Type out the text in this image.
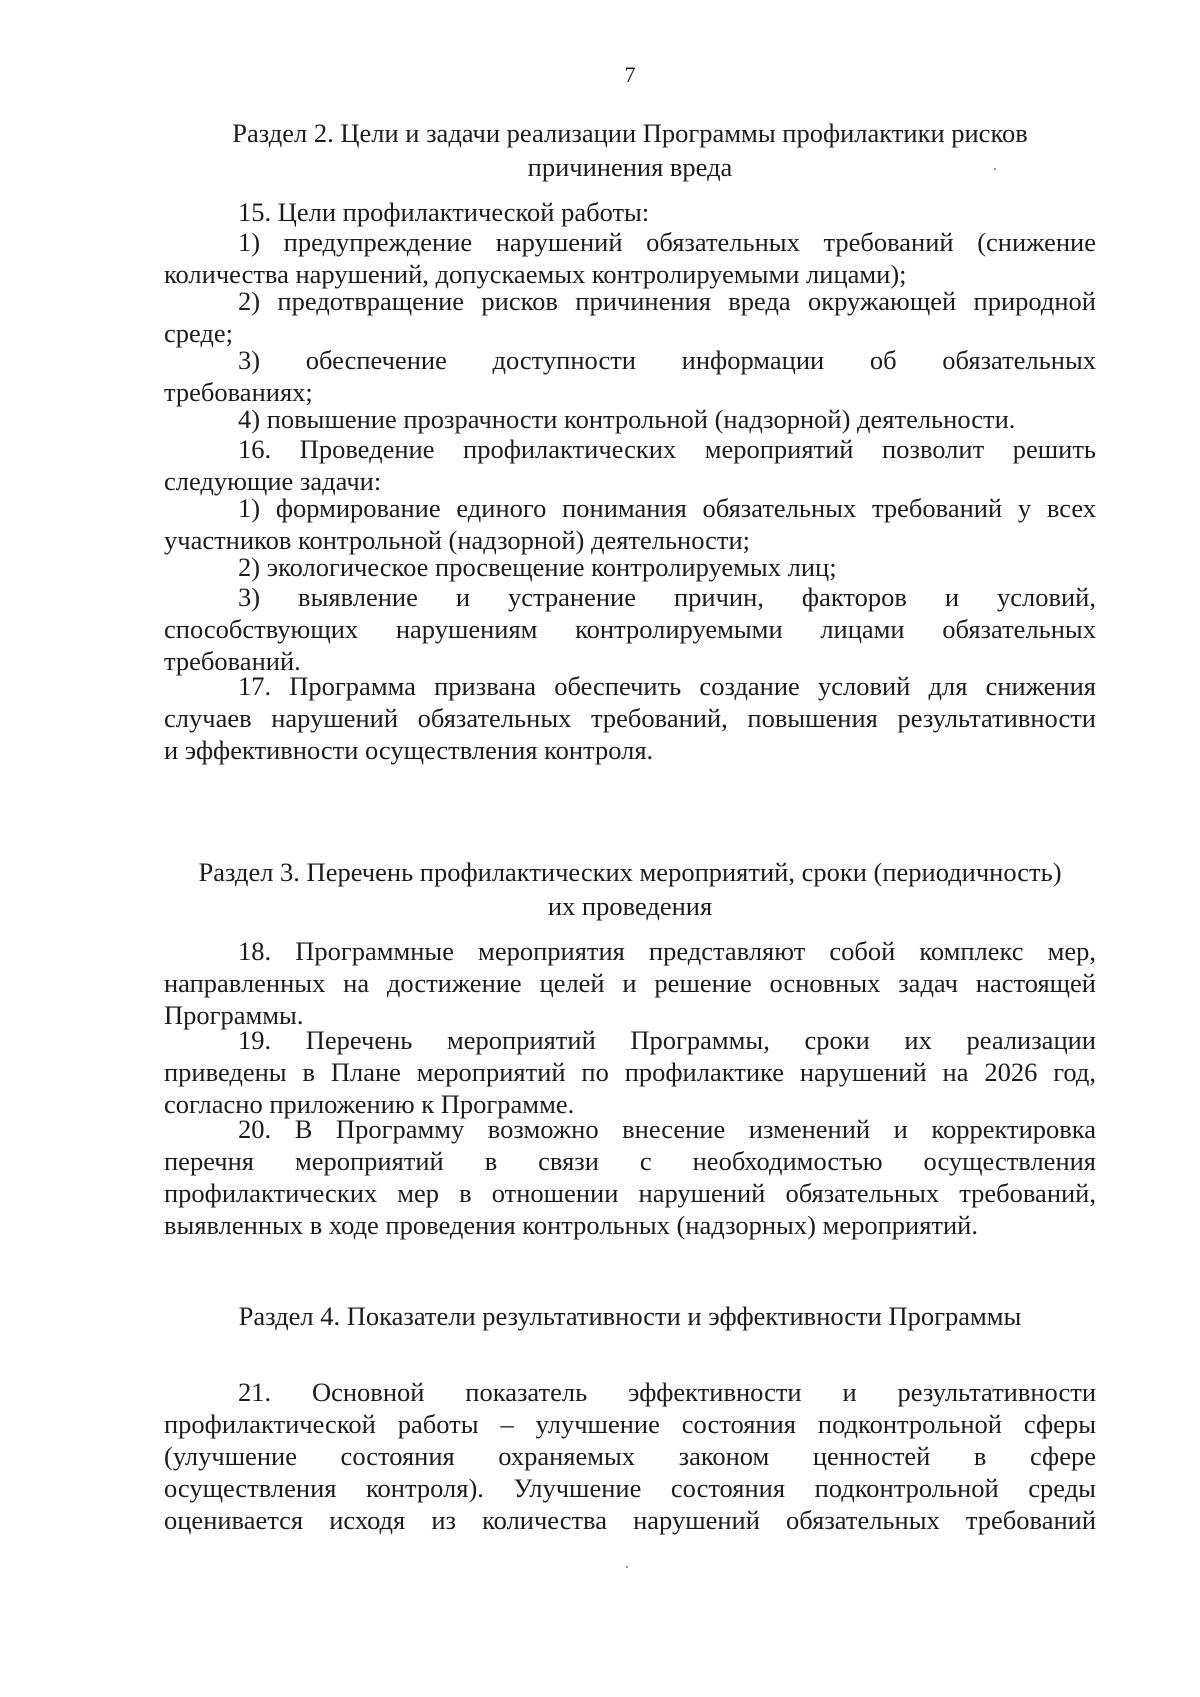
7
Раздел 2. Цели и задачи реализации Программы профилактики рисков
причинения вреда
15. Цели профилактической работы:
1) предупреждение нарушений обязательных требований (снижение
количества нарушений, допускаемых контролируемыми лицами);
2) предотвращение рисков причинения вреда окружающей природной
среде;
3) обеспечение доступности информации об обязательных
требованиях;
4) повышение прозрачности контрольной (надзорной) деятельности.
16. Проведение профилактических мероприятий позволит решить
следующие задачи:
1) формирование единого понимания обязательных требований у всех
участников контрольной (надзорной) деятельности;
2) экологическое просвещение контролируемых лиц;
3) выявление и устранение причин, факторов и условий,
способствующих нарушениям контролируемыми лицами обязательных
требований.
17. Программа призвана обеспечить создание условий для снижения
случаев нарушений обязательных требований, повышения результативности
и эффективности осуществления контроля.
Раздел 3. Перечень профилактических мероприятий, сроки (периодичность)
их проведения
18. Программные мероприятия представляют собой комплекс мер,
направленных на достижение целей и решение основных задач настоящей
Программы.
19. Перечень мероприятий Программы, сроки их реализации
приведены в Плане мероприятий по профилактике нарушений на 2026 год,
согласно приложению к Программе.
20. В Программу возможно внесение изменений и корректировка
перечня мероприятий в связи с необходимостью осуществления
профилактических мер в отношении нарушений обязательных требований,
выявленных в ходе проведения контрольных (надзорных) мероприятий.
Раздел 4. Показатели результативности и эффективности Программы
21. Основной показатель эффективности и результативности
профилактической работы – улучшение состояния подконтрольной сферы
(улучшение состояния охраняемых законом ценностей в сфере
осуществления контроля). Улучшение состояния подконтрольной среды
оценивается исходя из количества нарушений обязательных требований
